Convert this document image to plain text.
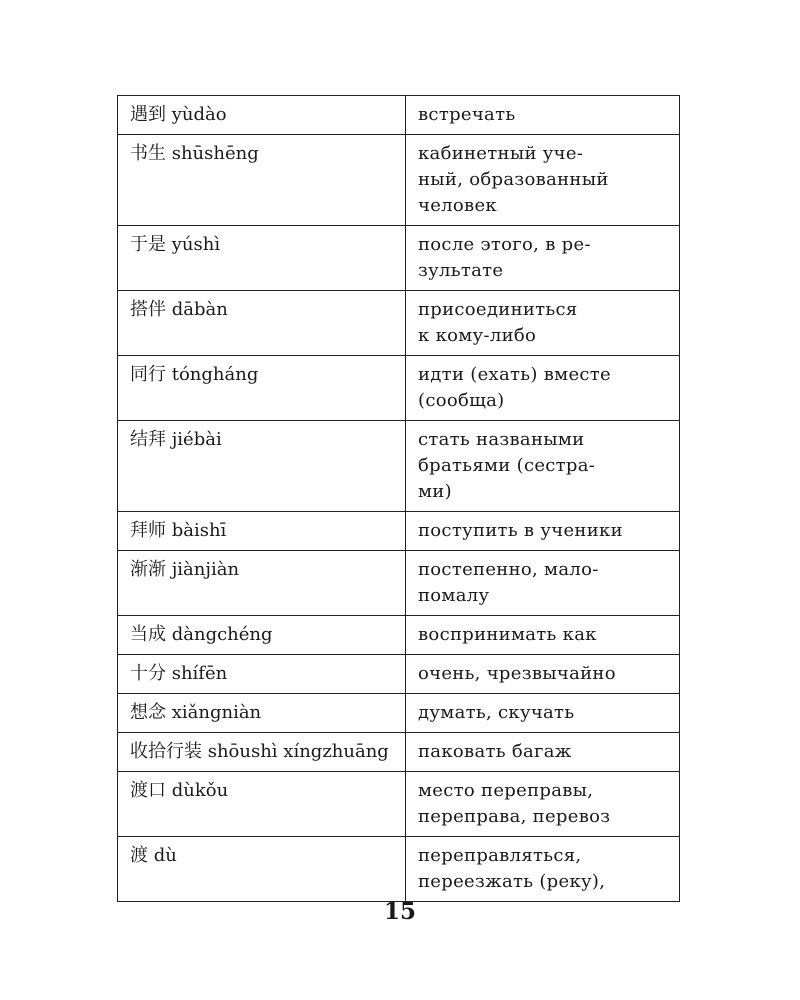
遇到 yùdào	встречать

书生 shūshēng	кабинетный уче-
ный, образованный
человек

于是 yúshì	после этого, в ре-
зультате

搭伴 dābàn	присоединиться
к кому-либо

同行 tóngháng	идти (ехать) вместе
(сообща)

结拜 jiébài	стать назваными
братьями (сестра-
ми)

拜师 bàishī	поступить в ученики

渐渐 jiànjiàn	постепенно, мало-
помалу

当成 dàngchéng	воспринимать как

十分 shífēn	очень, чрезвычайно

想念 xiǎngniàn	думать, скучать

收拾行装 shōushì xíngzhuāng	паковать багаж

渡口 dùkǒu	место переправы,
переправа, перевоз

渡 dù	переправляться,
переезжать (реку),
15
